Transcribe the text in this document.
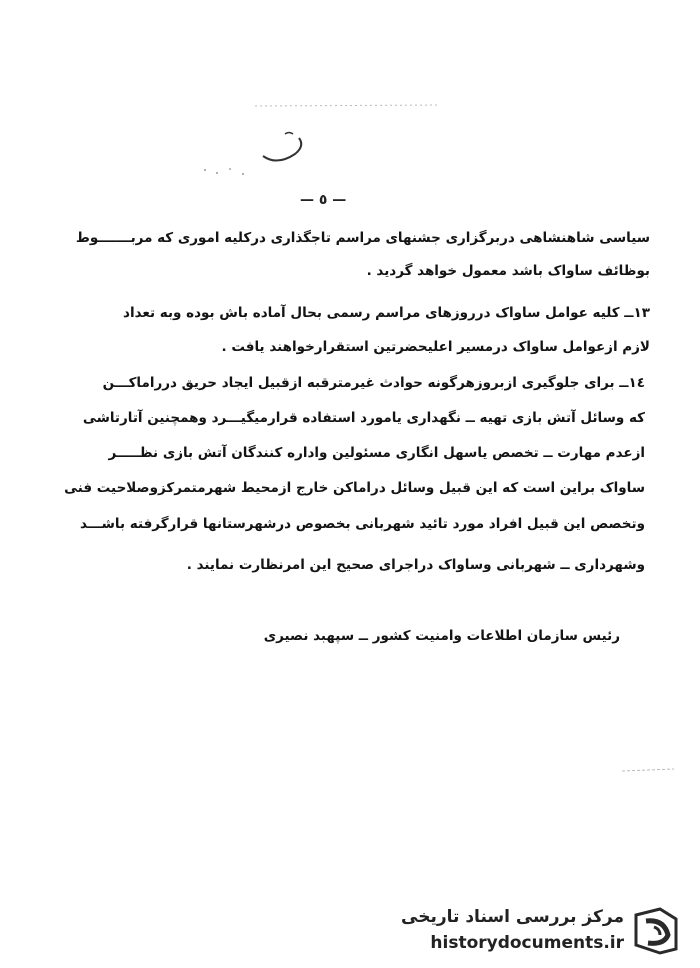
— ٥ —
سیاسی شاهنشاهی دربرگزاری جشنهای مراسم تاجگذاری درکلیه اموری که مربـــــــوط
بوظائف ساواک باشد معمول خواهد گردید .
۱۳ــ کلیه عوامل ساواک درروزهای مراسم رسمی بحال آماده باش بوده وبه تعداد
لازم ازعوامل ساواک درمسیر اعلیحضرتین استقرارخواهند یافت .
۱٤ــ برای جلوگیری ازبروزهرگونه حوادث غیرمترقبه ازقبیل ایجاد حریق درراماکـــن
که وسائل آتش بازی تهیه ــ نگهداری یامورد استفاده قرارمیگیـــرد وهمچنین آتارتاشی
ازعدم مهارت ــ تخصص یاسهل انگاری مسئولین واداره کنندگان آتش بازی نظـــــر
ساواک براین است که این قبیل وسائل دراماکن خارج ازمحیط شهرمتمرکزوصلاحیت فنی
وتخصص این قبیل افراد مورد تائید شهربانی بخصوص درشهرستانها قرارگرفته باشـــد
وشهرداری ــ شهربانی وساواک دراجرای صحیح این امرنظارت نمایند .
رئیس سازمان اطلاعات وامنیت کشور ــ سپهبد نصیری
مرکز بررسی اسناد تاریخی
historydocuments.ir
